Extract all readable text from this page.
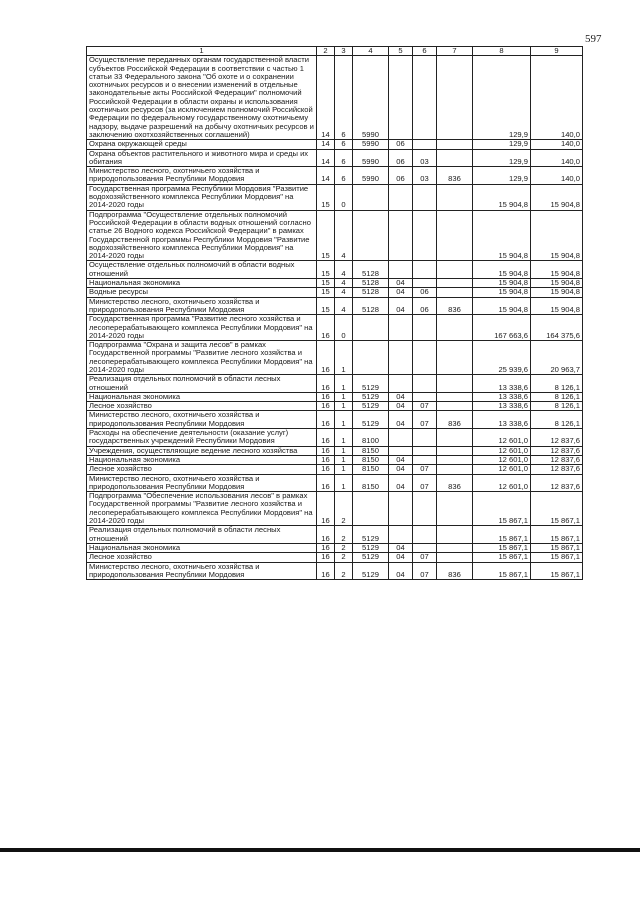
597
1	2	3	4	5	6	7	8	9
Осуществление переданных органам государственной власти субъектов Российской Федерации в соответствии с частью 1 статьи 33 Федерального закона "Об охоте и о сохранении охотничьих ресурсов и о внесении изменений в отдельные законодательные акты Российской Федерации" полномочий Российской Федерации в области охраны и использования охотничьих ресурсов (за исключением полномочий Российской Федерации по федеральному государственному охотничьему надзору, выдаче разрешений на добычу охотничьих ресурсов и заключению охотхозяйственных соглашений)	14	6	5990				129,9	140,0
Охрана окружающей среды	14	6	5990	06			129,9	140,0
Охрана объектов растительного и животного мира и среды их обитания	14	6	5990	06	03		129,9	140,0
Министерство лесного, охотничьего хозяйства и природопользования Республики Мордовия	14	6	5990	06	03	836	129,9	140,0
Государственная программа Республики Мордовия "Развитие водохозяйственного комплекса Республики Мордовия" на 2014-2020 годы	15	0					15 904,8	15 904,8
Подпрограмма "Осуществление отдельных полномочий Российской Федерации в области водных отношений согласно статье 26 Водного кодекса Российской Федерации" в рамках Государственной программы Республики Мордовия "Развитие водохозяйственного комплекса Республики Мордовия" на 2014-2020 годы	15	4					15 904,8	15 904,8
Осуществление отдельных полномочий в области водных отношений	15	4	5128				15 904,8	15 904,8
Национальная экономика	15	4	5128	04			15 904,8	15 904,8
Водные ресурсы	15	4	5128	04	06		15 904,8	15 904,8
Министерство лесного, охотничьего хозяйства и природопользования Республики Мордовия	15	4	5128	04	06	836	15 904,8	15 904,8
Государственная программа "Развитие лесного хозяйства и лесоперерабатывающего комплекса Республики Мордовия" на 2014-2020 годы	16	0					167 663,6	164 375,6
Подпрограмма "Охрана и защита лесов" в рамках Государственной программы "Развитие лесного хозяйства и лесоперерабатывающего комплекса Республики Мордовия" на 2014-2020 годы	16	1					25 939,6	20 963,7
Реализация отдельных полномочий в области лесных отношений	16	1	5129				13 338,6	8 126,1
Национальная экономика	16	1	5129	04			13 338,6	8 126,1
Лесное хозяйство	16	1	5129	04	07		13 338,6	8 126,1
Министерство лесного, охотничьего хозяйства и природопользования Республики Мордовия	16	1	5129	04	07	836	13 338,6	8 126,1
Расходы на обеспечение деятельности (оказание услуг) государственных учреждений Республики Мордовия	16	1	8100				12 601,0	12 837,6
Учреждения, осуществляющие ведение лесного хозяйства	16	1	8150				12 601,0	12 837,6
Национальная экономика	16	1	8150	04			12 601,0	12 837,6
Лесное хозяйство	16	1	8150	04	07		12 601,0	12 837,6
Министерство лесного, охотничьего хозяйства и природопользования Республики Мордовия	16	1	8150	04	07	836	12 601,0	12 837,6
Подпрограмма "Обеспечение использования лесов" в рамках Государственной программы "Развитие лесного хозяйства и лесоперерабатывающего комплекса Республики Мордовия" на 2014-2020 годы	16	2					15 867,1	15 867,1
Реализация отдельных полномочий в области лесных отношений	16	2	5129				15 867,1	15 867,1
Национальная экономика	16	2	5129	04			15 867,1	15 867,1
Лесное хозяйство	16	2	5129	04	07		15 867,1	15 867,1
Министерство лесного, охотничьего хозяйства и природопользования Республики Мордовия	16	2	5129	04	07	836	15 867,1	15 867,1
